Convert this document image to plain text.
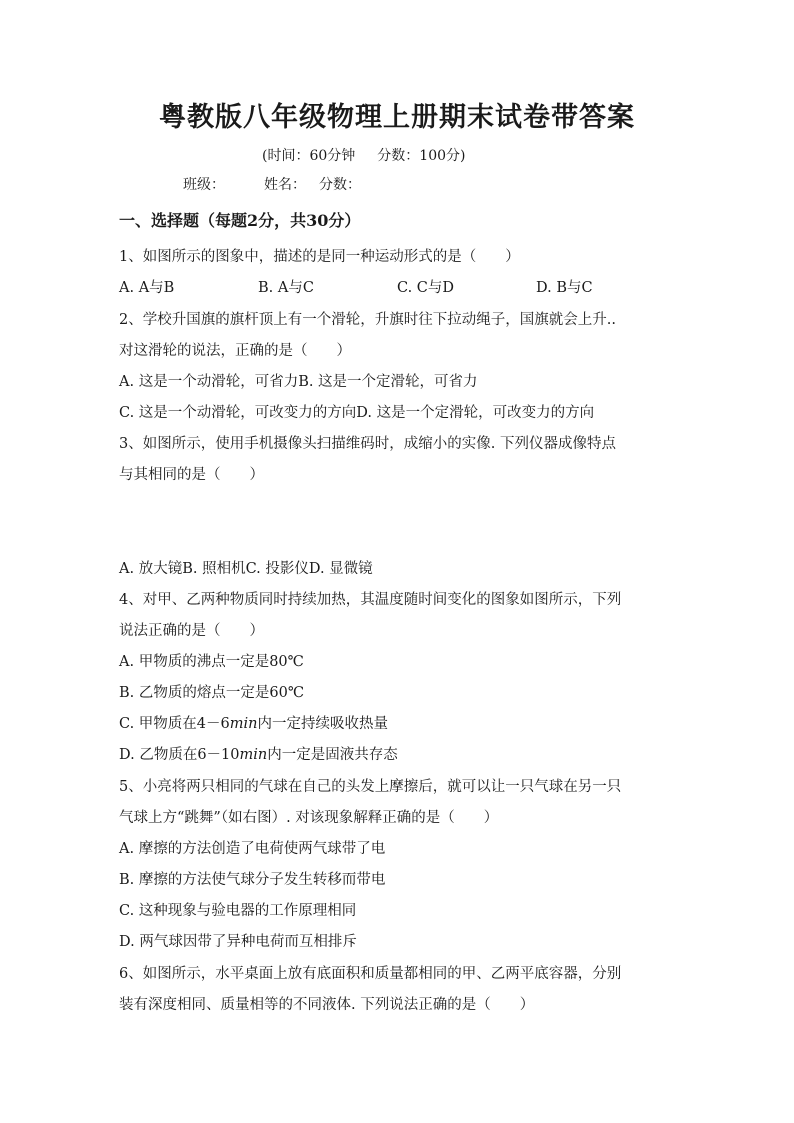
粤教版八年级物理上册期末试卷带答案
(时间：60分钟 分数：100分)
班级：	姓名： 分数：
一、选择题（每题2分，共30分）
1、如图所示的图象中，描述的是同一种运动形式的是（　　）
A. A与B	B. A与C	C. C与D	D. B与C
2、学校升国旗的旗杆顶上有一个滑轮，升旗时往下拉动绳子，国旗就会上升..
对这滑轮的说法，正确的是（　　）
A. 这是一个动滑轮，可省力B. 这是一个定滑轮，可省力
C. 这是一个动滑轮，可改变力的方向D. 这是一个定滑轮，可改变力的方向
3、如图所示，使用手机摄像头扫描维码时，成缩小的实像. 下列仪器成像特点
与其相同的是（　　）
A. 放大镜B. 照相机C. 投影仪D. 显微镜
4、对甲、乙两种物质同时持续加热，其温度随时间变化的图象如图所示，下列
说法正确的是（　　）
A. 甲物质的沸点一定是80℃
B. 乙物质的熔点一定是60℃
C. 甲物质在4－6min内一定持续吸收热量
D. 乙物质在6－10min内一定是固液共存态
5、小亮将两只相同的气球在自己的头发上摩擦后，就可以让一只气球在另一只
气球上方“跳舞”（如右图）. 对该现象解释正确的是（　　）
A. 摩擦的方法创造了电荷使两气球带了电
B. 摩擦的方法使气球分子发生转移而带电
C. 这种现象与验电器的工作原理相同
D. 两气球因带了异种电荷而互相排斥
6、如图所示，水平桌面上放有底面积和质量都相同的甲、乙两平底容器，分别
装有深度相同、质量相等的不同液体. 下列说法正确的是（　　）
